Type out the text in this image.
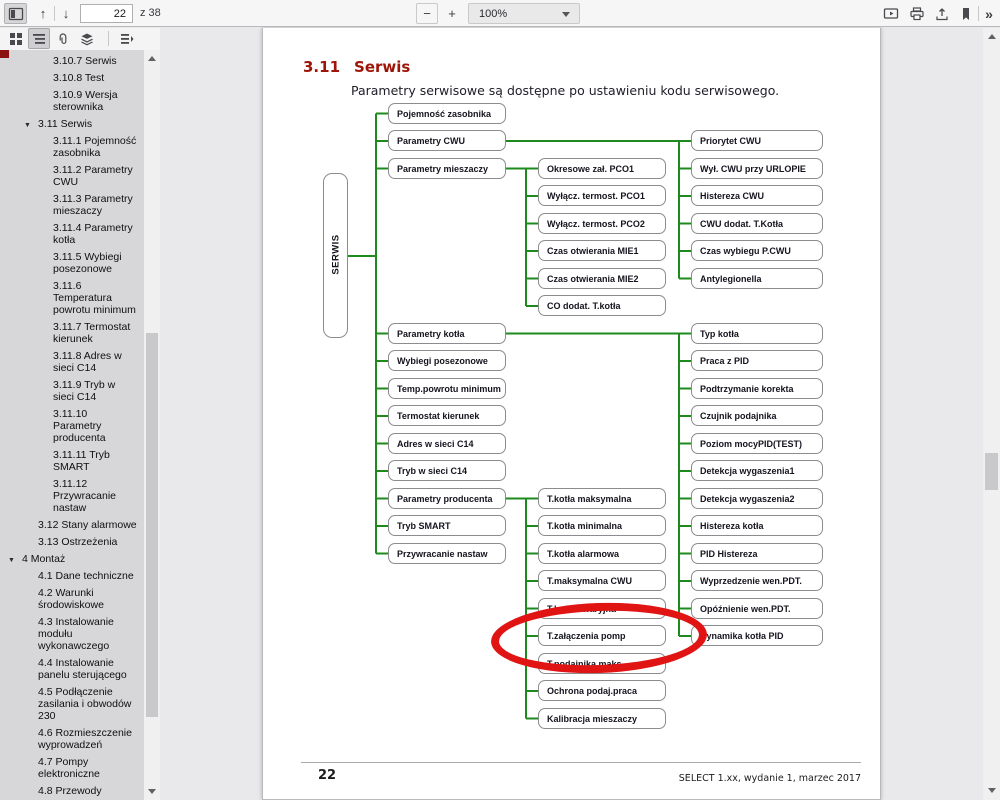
↑ ↓
22	z 38	− + 100%	»
3.10.7 Serwis
3.10.8 Test
3.10.9 Wersja sterownika
▼ 3.11 Serwis
3.11.1 Pojemność zasobnika
3.11.2 Parametry CWU
3.11.3 Parametry mieszaczy
3.11.4 Parametry kotła
3.11.5 Wybiegi posezonowe
3.11.6 Temperatura powrotu minimum
3.11.7 Termostat kierunek
3.11.8 Adres w sieci C14
3.11.9 Tryb w sieci C14
3.11.10 Parametry producenta
3.11.11 Tryb SMART
3.11.12 Przywracanie nastaw
3.12 Stany alarmowe
3.13 Ostrzeżenia
▼ 4 Montaż
4.1 Dane techniczne
4.2 Warunki środowiskowe
4.3 Instalowanie modułu wykonawczego
4.4 Instalowanie panelu sterującego
4.5 Podłączenie zasilania i obwodów 230
4.6 Rozmieszczenie wyprowadzeń
4.7 Pompy elektroniczne
4.8 Przewody
3.11 Serwis
Parametry serwisowe są dostępne po ustawieniu kodu serwisowego.
SERWIS
Pojemność zasobnika
Parametry CWU
Parametry mieszaczy
Parametry kotła
Wybiegi posezonowe
Temp.powrotu minimum
Termostat kierunek
Adres w sieci C14
Tryb w sieci C14
Parametry producenta
Tryb SMART
Przywracanie nastaw
Okresowe zał. PCO1
Wyłącz. termost. PCO1
Wyłącz. termost. PCO2
Czas otwierania MIE1
Czas otwierania MIE2
CO dodat. T.kotła
T.kotła maksymalna
T.kotła minimalna
T.kotła alarmowa
T.maksymalna CWU
T.kotła awaryjna
T.załączenia pomp
T.podajnika maks.
Ochrona podaj.praca
Kalibracja mieszaczy
Priorytet CWU
Wył. CWU przy URLOPIE
Histereza CWU
CWU dodat. T.Kotła
Czas wybiegu P.CWU
Antylegionella
Typ kotła
Praca z PID
Podtrzymanie korekta
Czujnik podajnika
Poziom mocyPID(TEST)
Detekcja wygaszenia1
Detekcja wygaszenia2
Histereza kotła
PID Histereza
Wyprzedzenie wen.PDT.
Opóźnienie wen.PDT.
Dynamika kotła PID
22	SELECT 1.xx, wydanie 1, marzec 2017
